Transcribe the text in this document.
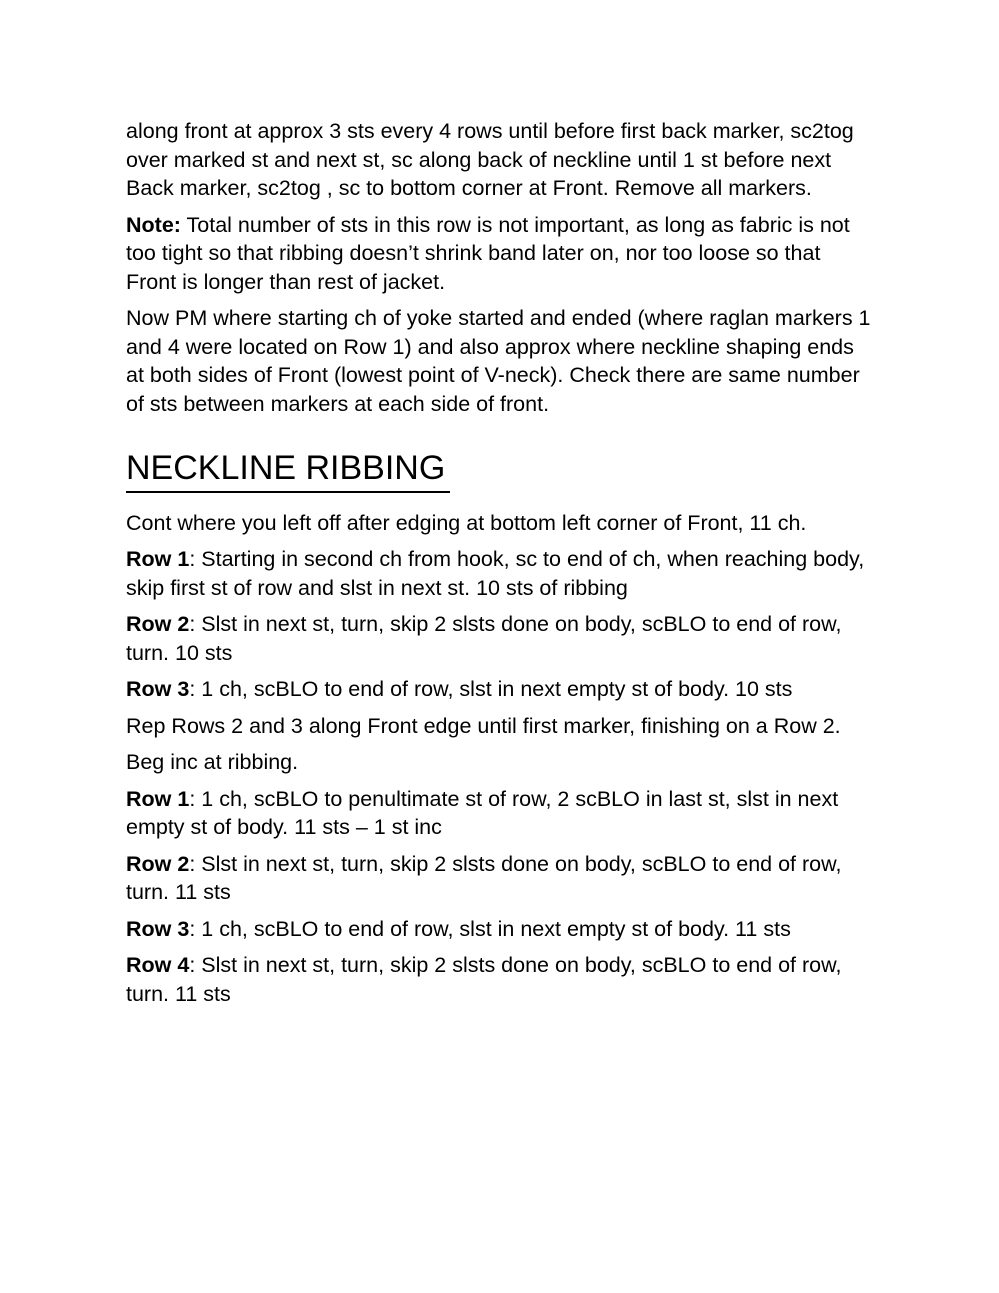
along front at approx 3 sts every 4 rows until before first back marker, sc2tog over marked st and next st, sc along back of neckline until 1 st before next Back marker, sc2tog , sc to bottom corner at Front. Remove all markers.

Note: Total number of sts in this row is not important, as long as fabric is not too tight so that ribbing doesn’t shrink band later on, nor too loose so that Front is longer than rest of jacket.

Now PM where starting ch of yoke started and ended (where raglan markers 1 and 4 were located on Row 1) and also approx where neckline shaping ends at both sides of Front (lowest point of V-neck). Check there are same number of sts between markers at each side of front.

NECKLINE RIBBING

Cont where you left off after edging at bottom left corner of Front, 11 ch.

Row 1: Starting in second ch from hook, sc to end of ch, when reaching body, skip first st of row and slst in next st. 10 sts of ribbing

Row 2: Slst in next st, turn, skip 2 slsts done on body, scBLO to end of row, turn. 10 sts

Row 3: 1 ch, scBLO to end of row, slst in next empty st of body. 10 sts

Rep Rows 2 and 3 along Front edge until first marker, finishing on a Row 2.

Beg inc at ribbing.

Row 1: 1 ch, scBLO to penultimate st of row, 2 scBLO in last st, slst in next empty st of body. 11 sts – 1 st inc

Row 2: Slst in next st, turn, skip 2 slsts done on body, scBLO to end of row, turn. 11 sts

Row 3: 1 ch, scBLO to end of row, slst in next empty st of body. 11 sts

Row 4: Slst in next st, turn, skip 2 slsts done on body, scBLO to end of row, turn. 11 sts
